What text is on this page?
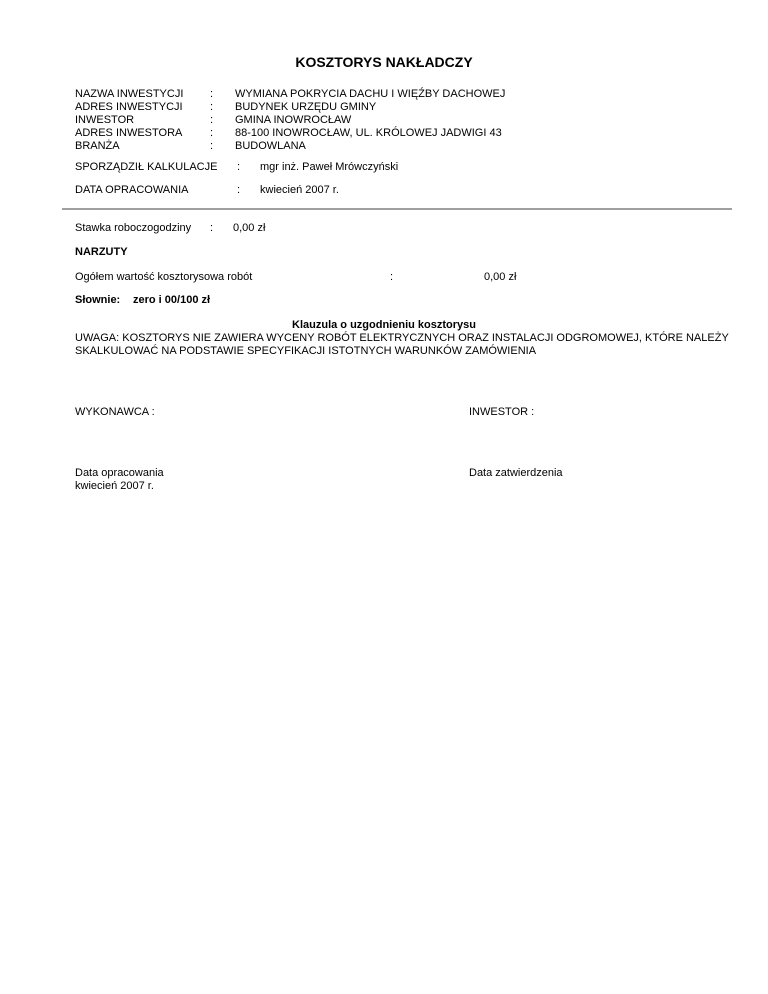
KOSZTORYS NAKŁADCZY
NAZWA INWESTYCJI : WYMIANA POKRYCIA DACHU I WIĘŹBY DACHOWEJ
ADRES INWESTYCJI : BUDYNEK URZĘDU GMINY
INWESTOR	: GMINA INOWROCŁAW
ADRES INWESTORA	: 88-100 INOWROCŁAW, UL. KRÓLOWEJ JADWIGI 43
BRANŻA	: BUDOWLANA
SPORZĄDZIŁ KALKULACJE : mgr inż. Paweł Mrówczyński
DATA OPRACOWANIA	: kwiecień 2007 r.
Stawka roboczogodziny : 0,00 zł
NARZUTY
Ogółem wartość kosztorysowa robót	:	0,00 zł
Słownie: zero i 00/100 zł
Klauzula o uzgodnieniu kosztorysu
UWAGA: KOSZTORYS NIE ZAWIERA WYCENY ROBÓT ELEKTRYCZNYCH ORAZ INSTALACJI ODGROMOWEJ, KTÓRE NALEŻY SKALKULOWAĆ NA PODSTAWIE SPECYFIKACJI ISTOTNYCH WARUNKÓW ZAMÓWIENIA
WYKONAWCA :	INWESTOR :
Data opracowania
kwiecień 2007 r.
Data zatwierdzenia
